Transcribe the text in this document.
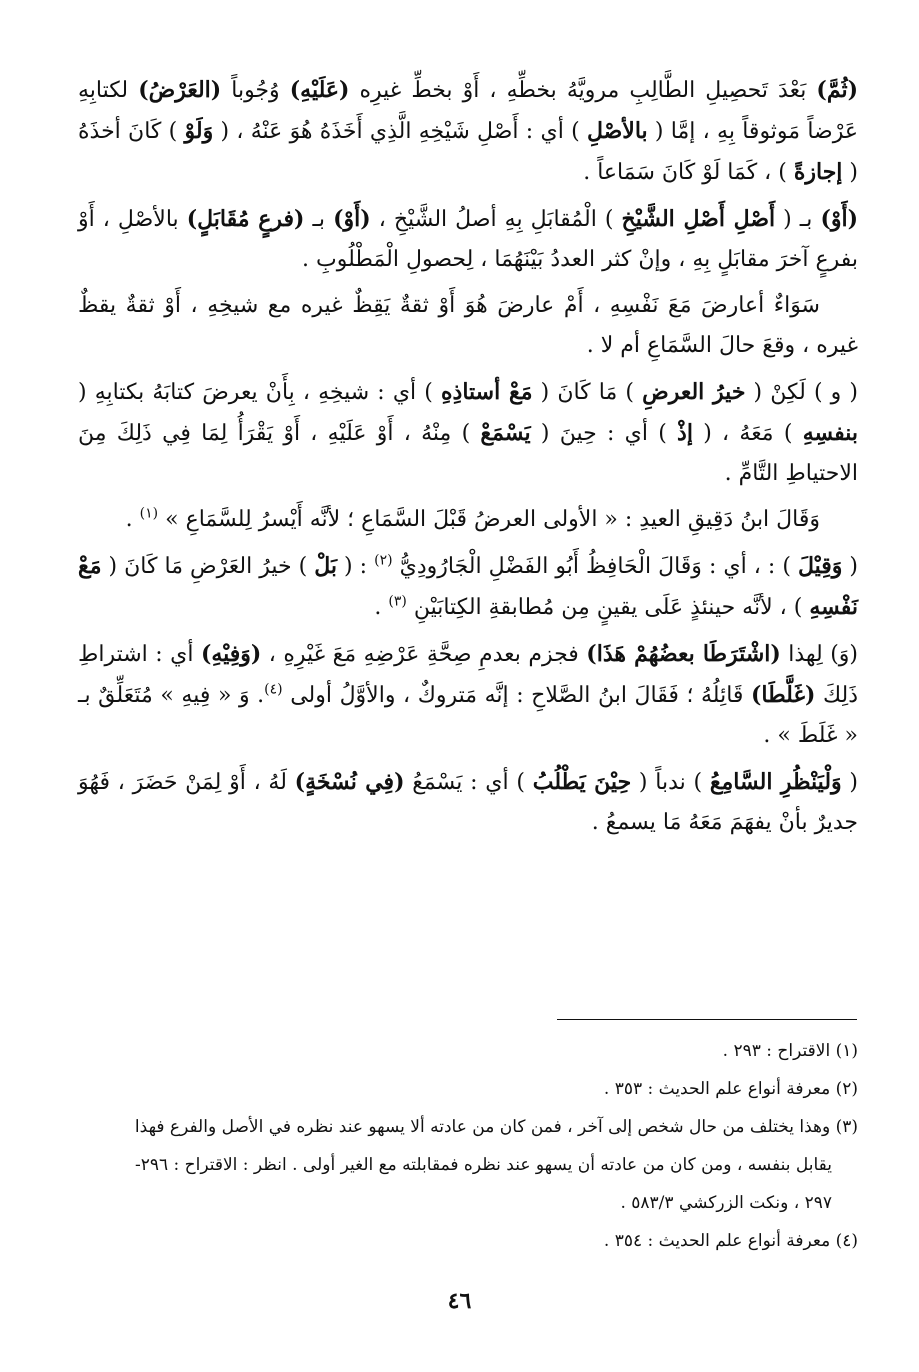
(ثُمَّ) بَعْدَ تَحصِيلِ الطَّالِبِ مرويَّهُ بخطِّهِ ، أَوْ بخطِّ غيرِه (عَلَيْهِ) وُجُوباً (العَرْضُ) لكتابِهِ عَرْضاً مَوثوقاً بِهِ ، إمَّا ( بالأصْلِ ) أي : أَصْلِ شَيْخِهِ الَّذِي أَخَذَهُ هُوَ عَنْهُ ، ( وَلَوْ ) كَانَ أخذَهُ ( إجازةً ) ، كَمَا لَوْ كَانَ سَمَاعاً .

(أَوْ) بـ ( أَصْلِ أَصْلِ الشَّيْخِ ) الْمُقابَلِ بِهِ أصلُ الشَّيْخِ ، (أَوْ) بـ (فرعٍ مُقَابَلٍ) بالأصْلِ ، أَوْ بفرعٍ آخرَ مقابَلٍ بِهِ ، وإنْ كثر العددُ بَيْنَهُمَا ، لِحصولِ الْمَطْلُوبِ .

سَوَاءٌ أعارضَ مَعَ نَفْسِهِ ، أَمْ عارضَ هُوَ أَوْ ثقةٌ يَقِظٌ غيره مع شيخِهِ ، أَوْ ثقةٌ يقظٌ غيره ، وقعَ حالَ السَّمَاعِ أم لا .

( و ) لَكِنْ ( خيرُ العرضِ ) مَا كَانَ ( مَعْ أستاذِهِ ) أي : شيخِهِ ، بِأَنْ يعرضَ كتابَهُ بكتابِهِ ( بنفسِهِ ) مَعَهُ ، ( إذْ ) أي : حِينَ ( يَسْمَعْ ) مِنْهُ ، أَوْ عَلَيْهِ ، أَوْ يَقْرَأُ لِمَا فِي ذَلِكَ مِنَ الاحتياطِ التَّامِّ .

وَقَالَ ابنُ دَقِيقِ العيدِ : « الأولى العرضُ قَبْلَ السَّمَاعِ ؛ لأنَّه أَيْسرُ لِلسَّمَاعِ » $^{(١)}$ .

( وَقِيْلَ ) : ، أي : وَقَالَ الْحَافِظُ أَبُو الفَضْلِ الْجَارُودِيُّ $^{(٢)}$ : ( بَلْ ) خيرُ العَرْضِ مَا كَانَ ( مَعْ نَفْسِهِ ) ، لأنَّه حينئذٍ عَلَى يقينٍ مِن مُطابقةِ الكِتابَيْنِ $^{(٣)}$ .

(وَ) لِهذا (اشْتَرَطَا بعضُهُمْ هَذَا) فجزم بعدمِ صِحَّةِ عَرْضِهِ مَعَ غَيْرِهِ ، (وَفِيْهِ) أي : اشتراطِ ذَلِكَ (غَلَّطَا) قَائِلُهُ ؛ فَقَالَ ابنُ الصَّلاحِ : إنَّه مَتروكٌ ، والأوَّلُ أولى $^{(٤)}$. وَ « فِيهِ » مُتَعَلِّقٌ بـ « غَلَطَ » .

( وَلْيَنْظُرِ السَّامِعُ ) ندباً ( حِيْنَ يَطْلُبُ ) أي : يَسْمَعُ (فِي نُسْخَةٍ) لَهُ ، أَوْ لِمَنْ حَضَرَ ، فَهُوَ جديرٌ بأنْ يفهَمَ مَعَهُ مَا يسمعُ .

(١) الاقتراح : ٢٩٣ .

(٢) معرفة أنواع علم الحديث : ٣٥٣ .

(٣) وهذا يختلف من حال شخص إلى آخر ، فمن كان من عادته ألا يسهو عند نظره في الأصل والفرع فهذا

يقابل بنفسه ، ومن كان من عادته أن يسهو عند نظره فمقابلته مع الغير أولى . انظر : الاقتراح : ٢٩٦-

٢٩٧ ، ونكت الزركشي ٥٨٣/٣ .

(٤) معرفة أنواع علم الحديث : ٣٥٤ .

٤٦
